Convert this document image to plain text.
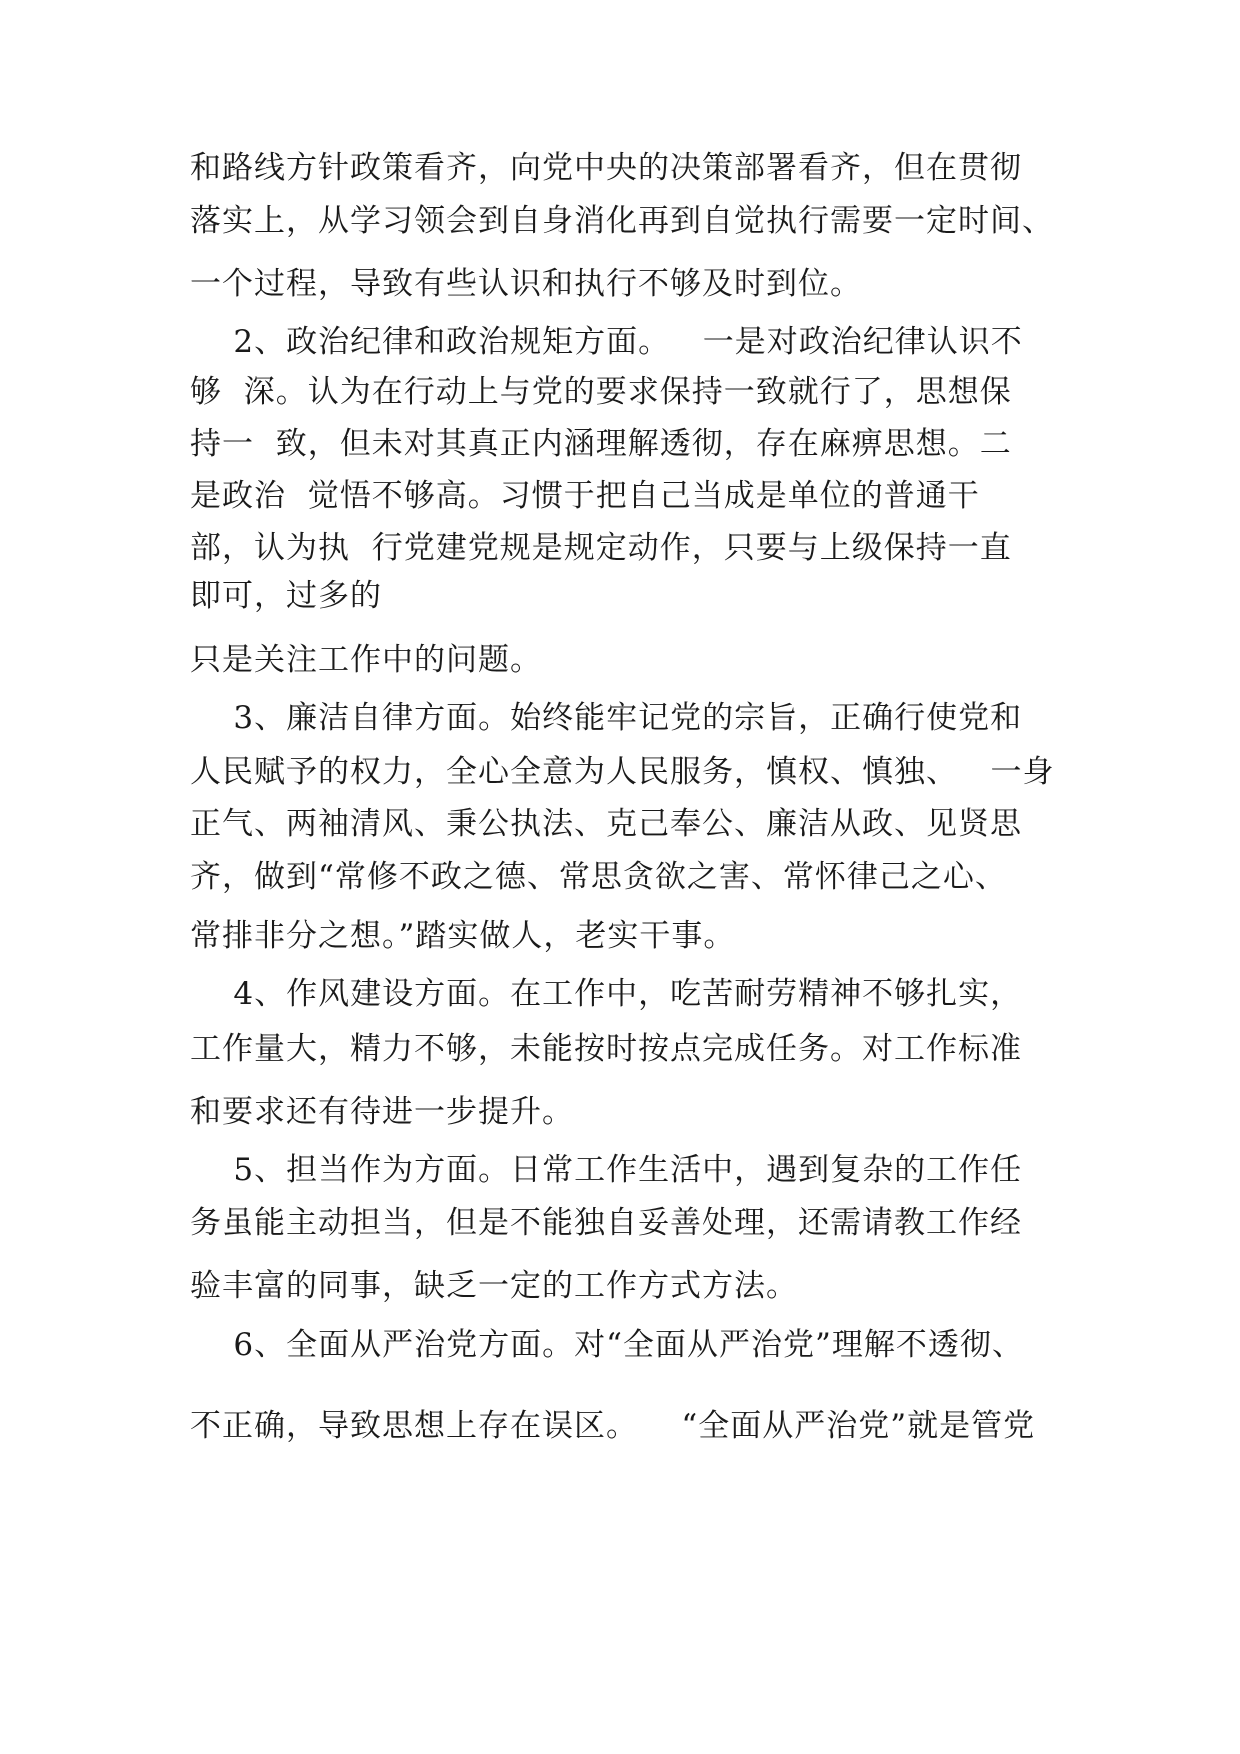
和路线方针政策看齐，向党中央的决策部署看齐，但在贯彻
落实上，从学习领会到自身消化再到自觉执行需要一定时间、
一个过程，导致有些认识和执行不够及时到位。
2、政治纪律和政治规矩方面。   一是对政治纪律认识不
够  深。认为在行动上与党的要求保持一致就行了，思想保
持一  致，但未对其真正内涵理解透彻，存在麻痹思想。二
是政治  觉悟不够高。习惯于把自己当成是单位的普通干
部，认为执  行党建党规是规定动作，只要与上级保持一直
即可，过多的
只是关注工作中的问题。
3、廉洁自律方面。始终能牢记党的宗旨，正确行使党和
人民赋予的权力，全心全意为人民服务，慎权、慎独、   一身
正气、两袖清风、秉公执法、克己奉公、廉洁从政、见贤思
齐，做到“常修不政之德、常思贪欲之害、常怀律己之心、
常排非分之想。”踏实做人，老实干事。
4、作风建设方面。在工作中，吃苦耐劳精神不够扎实，
工作量大，精力不够，未能按时按点完成任务。对工作标准
和要求还有待进一步提升。
5、担当作为方面。日常工作生活中，遇到复杂的工作任
务虽能主动担当，但是不能独自妥善处理，还需请教工作经
验丰富的同事，缺乏一定的工作方式方法。
6、全面从严治党方面。对“全面从严治党”理解不透彻、
不正确，导致思想上存在误区。    “全面从严治党”就是管党
